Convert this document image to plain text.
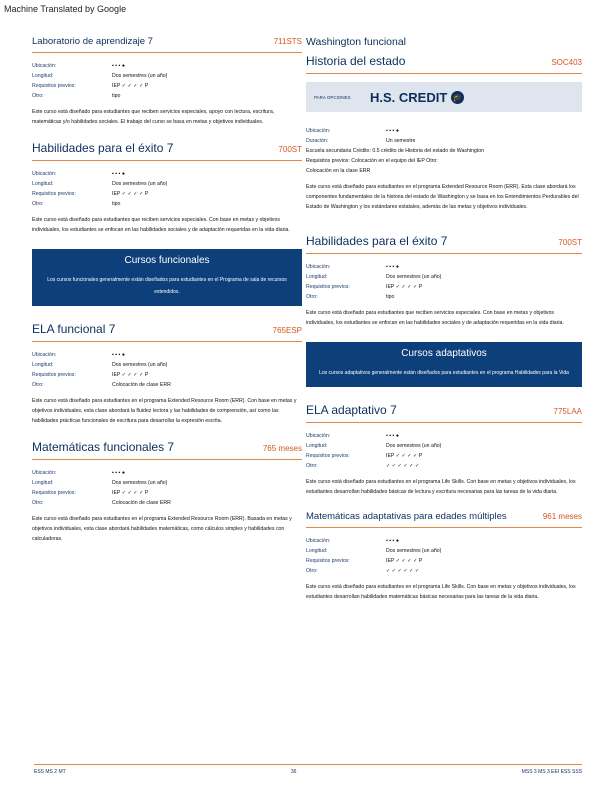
Machine Translated by Google
Laboratorio de aprendizaje 7	711STS
Ubicación:	▪ ▪ ▪ ●
Longitud:	Dos semestres (un año)
Requisitos previos:	IEP ✓ ✓ ✓ ✓ P
Otro:	tipo

Este curso está diseñado para estudiantes que reciben servicios especiales, apoyo con lectura, escritura, matemáticas y/o habilidades sociales. El trabajo del curso se basa en metas y objetivos individuales.

Habilidades para el éxito 7	700ST
Ubicación:	▪ ▪ ▪ ●
Longitud:	Dos semestres (un año)
Requisitos previos:	IEP ✓ ✓ ✓ ✓ P
Otro:	tipo

Este curso está diseñado para estudiantes que reciben servicios especiales. Con base en metas y objetivos individuales, los estudiantes se enfocan en las habilidades sociales y de adaptación requeridas en la vida diaria.

Cursos funcionales
Los cursos funcionales generalmente están diseñados para estudiantes en el Programa de sala de recursos extendidos.
ELA funcional 7	765ESP
Ubicación:	▪ ▪ ▪ ●
Longitud:	Dos semestres (un año)
Requisitos previos:	IEP ✓ ✓ ✓ ✓ P
Otro:	Colocación de clase ERR

Este curso está diseñado para estudiantes en el programa Extended Resource Room (ERR). Con base en metas y objetivos individuales, esta clase abordará la fluidez lectora y las habilidades de comprensión, así como las habilidades prácticas funcionales de escritura para desarrollar la expresión escrita.

Matemáticas funcionales 7	765 meses
Ubicación:	▪ ▪ ▪ ●
Longitud:	Dos semestres (un año)
Requisitos previos:	IEP ✓ ✓ ✓ ✓ P
Otro:	Colocación de clase ERR

Este curso está diseñado para estudiantes en el programa Extended Resource Room (ERR). Basada en metas y objetivos individuales, esta clase abordará habilidades matemáticas, como cálculos simples y habilidades con calculadoras.

Washington funcional
Historia del estado	SOC403
PARA OPCIONES	H.S. CREDIT 🎓
Ubicación:	▪ ▪ ▪ ●
Duración:	Un semestre
Escuela secundaria Crédito: 0.5 crédito de Historia del estado de Washington
Requisitos previos: Colocación en el equipo del IEP Otro:
Colocación en la clase ERR

Este curso está diseñado para estudiantes en el programa Extended Resource Room (ERR). Esta clase abordará los componentes fundamentales de la historia del estado de Washington y se basa en los Entendimientos Perdurables del Estado de Washington y los estándares estatales, además de las metas y objetivos individuales.

Habilidades para el éxito 7	700ST
Ubicación:	▪ ▪ ▪ ●
Longitud:	Dos semestres (un año)
Requisitos previos:	IEP ✓ ✓ ✓ ✓ P
Otro:	tipo

Este curso está diseñado para estudiantes que reciben servicios especiales. Con base en metas y objetivos individuales, los estudiantes se enfocan en las habilidades sociales y de adaptación requeridas en la vida diaria.

Cursos adaptativos
Los cursos adaptativos generalmente están diseñados para estudiantes en el programa Habilidades para la Vida
ELA adaptativo 7	775LAA
Ubicación:	▪ ▪ ▪ ●
Longitud:	Dos semestres (un año)
Requisitos previos:	IEP ✓ ✓ ✓ ✓ P
Otro:	✓ ✓ ✓ ✓ ✓ ✓

Este curso está diseñado para estudiantes en el programa Life Skills. Con base en metas y objetivos individuales, los estudiantes desarrollan habilidades básicas de lectura y escritura necesarias para las tareas de la vida diaria.

Matemáticas adaptativas para edades múltiples	961 meses
Ubicación:	▪ ▪ ▪ ●
Longitud:	Dos semestres (un año)
Requisitos previos:	IEP ✓ ✓ ✓ ✓ P
Otro:	✓ ✓ ✓ ✓ ✓ ✓

Este curso está diseñado para estudiantes en el programa Life Skills. Con base en metas y objetivos individuales, los estudiantes desarrollan habilidades matemáticas básicas necesarias para las tareas de la vida diaria.

ESS MS 2 MT	36	MSS 3 MS 3 EEI ESS SSS
